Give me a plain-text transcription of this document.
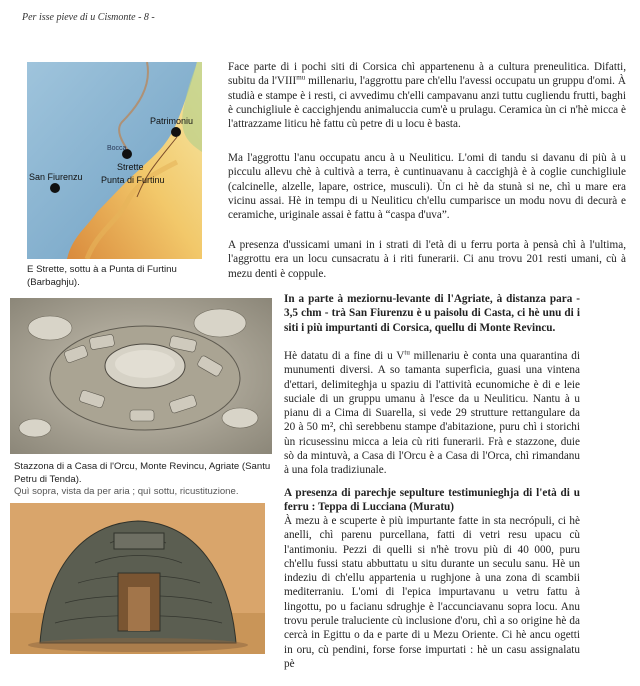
Per isse pieve di u Cismonte - 8 -
Patrimoniu
Strette
Punta di Furtinu
San Fiurenzu
Bocca

E Strette, sottu à a Punta di Furtinu (Barbaghju).

Stazzona di a Casa di l'Orcu, Monte Revincu, Agriate (Santu Petru di Tenda).
Quì sopra, vista da per aria ; quì sottu, ricustituzione.

Face parte di i pochi siti di Corsica chì appartenenu à a cultura preneulitica. Difatti, subitu da $l'VIII^{mu}$ millenariu, l'aggrottu pare ch'ellu l'avessi occupatu un gruppu d'omi. À studià e stampe è i resti, ci avvedimu ch'elli campavanu anzi tuttu cugliendu frutti, baghi è cunchigliule è caccighjendu animaluccia cum'è u prulagu. Ceramica ùn ci n'hè micca è l'attrazzame liticu hè fattu cù petre di u locu è basta.

Ma l'aggrottu l'anu occupatu ancu à u Neuliticu. L'omi di tandu si davanu di più à u picculu allevu chè à cultivà a terra, è cuntinuavanu à caccighjà è à coglie cunchigliule (calcinelle, alzelle, lapare, ostrice, musculi). Ùn ci hè da stunà si ne, chì u mare era vicinu assai. Hè in tempu di u Neuliticu ch'ellu cumparisce un modu novu di decurà e ceramiche, uriginale assai è fattu à “caspa d'uva”.

A presenza d'ussicami umani in i strati di l'età di u ferru porta à pensà chì à l'ultima, l'aggrottu era un locu cunsacratu à i riti funerarii. Ci anu trovu 201 resti umani, cù à mezu denti è coppule.

In a parte à meziornu-levante di l'Agriate, à distanza para - 3,5 chm - trà San Fiurenzu è u paisolu di Casta, ci hè unu di i siti i più impurtanti di Corsica, quellu di Monte Revincu.

Hè datatu di a fine di u $V^{tu}$ millenariu è conta una quarantina di munumenti diversi. A so tamanta superficia, guasi una vintena d'ettari, delimiteghja u spaziu di l'attività ecunomiche è di e leie suciale di un gruppu umanu à l'esce da u Neuliticu. Nantu à u pianu di a Cima di Suarella, si vede 29 strutture rettangulare da 20 à 50 m², chì serebbenu stampe d'abitazione, puru chì i storichi ùn ricusessinu micca a leia cù riti funerarii. Frà e stazzone, duie sò da mintuvà, a Casa di l'Orcu è a Casa di l'Orca, chì rimandanu à una fola tradiziunale.

A presenza di parechje sepulture testimunieghja di l'età di u ferru : Teppa di Lucciana (Muratu)

À mezu à e scuperte è più impurtante fatte in sta necrópuli, ci hè anelli, chì parenu purcellana, fatti di vetri resu upacu cù l'antimoniu. Pezzi di quelli si n'hè trovu più di 40 000, puru ch'ellu fussi statu abbuttatu u situ durante un seculu sanu. Hè un indeziu di ch'ellu appartenia u rughjone à una zona di scambii mediterraniu. L'omi di l'epica impurtavanu u vetru fattu à lingottu, po u facianu sdrughje è l'accunciavanu sopra locu. Anu trovu perule traluciente cù inclusione d'oru, chì a so origine hè da cercà in Egittu o da e parte di u Mezu Oriente. Ci hè ancu ogetti in oru, cù pendini, forse forse impurtati : hè un casu assignalatu pè
